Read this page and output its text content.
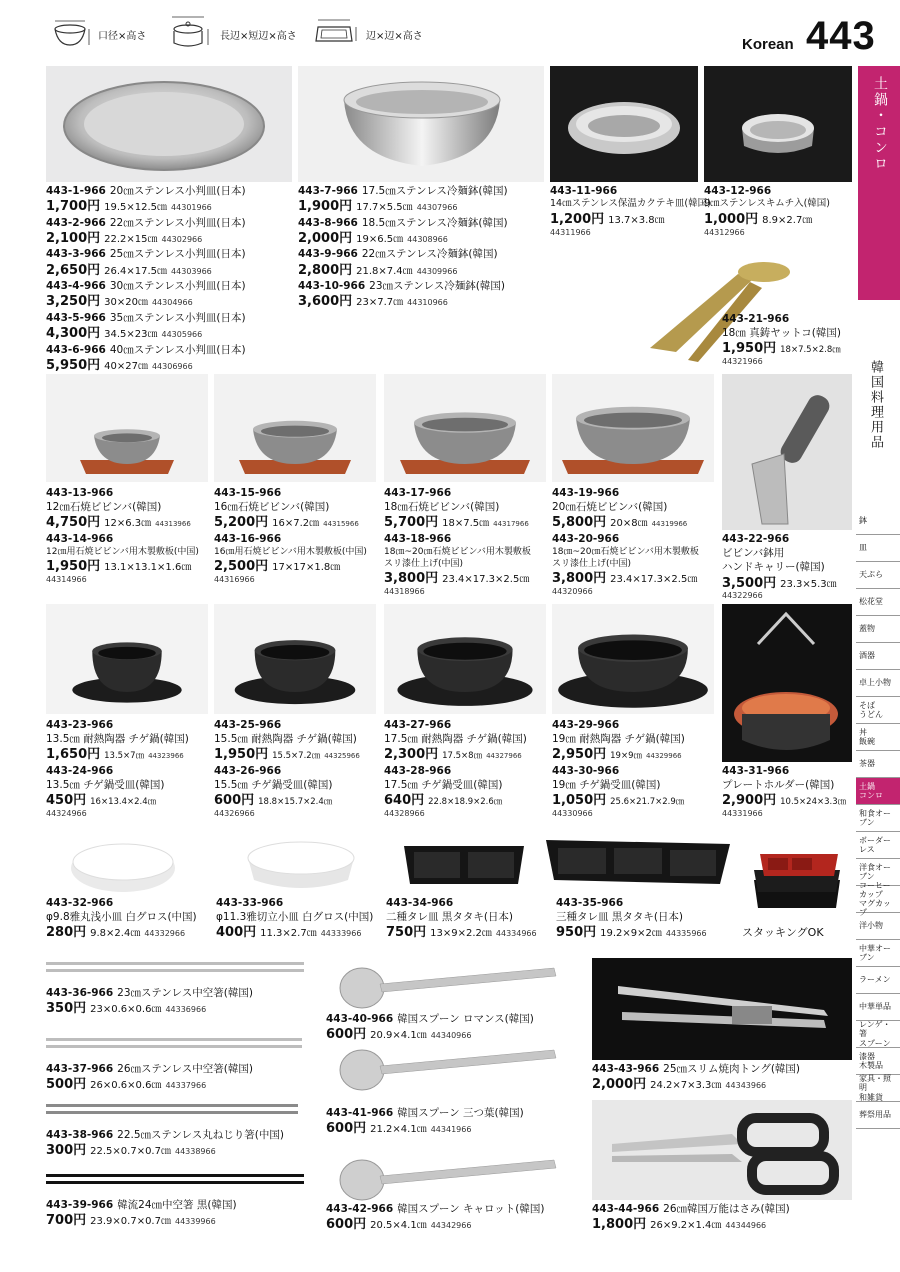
口径×高さ	長辺×短辺×高さ	辺×辺×高さ	Korean 443
土鍋・コンロ
韓国料理用品
鉢
皿
天ぷら
松花堂
蓋物
酒器
卓上小物
そば
うどん
丼
飯碗
茶器
土鍋
コンロ
和食オーブン
ボーダーレス
洋食オーブン
コーヒーカップ
マグカップ
洋小物
中華オーブン
ラーメン
中華単品
レンゲ・箸
スプーン
漆器
木製品
家具・照明
和雑貨
葬祭用品
443-1-966 20㎝ステンレス小判皿(日本)
1,700円 19.5×12.5㎝ 44301966
443-2-966 22㎝ステンレス小判皿(日本)
2,100円 22.2×15㎝ 44302966
443-3-966 25㎝ステンレス小判皿(日本)
2,650円 26.4×17.5㎝ 44303966
443-4-966 30㎝ステンレス小判皿(日本)
3,250円 30×20㎝ 44304966
443-5-966 35㎝ステンレス小判皿(日本)
4,300円 34.5×23㎝ 44305966
443-6-966 40㎝ステンレス小判皿(日本)
5,950円 40×27㎝ 44306966
443-7-966 17.5㎝ステンレス冷麺鉢(韓国)
1,900円 17.7×5.5㎝ 44307966
443-8-966 18.5㎝ステンレス冷麺鉢(韓国)
2,000円 19×6.5㎝ 44308966
443-9-966 22㎝ステンレス冷麺鉢(韓国)
2,800円 21.8×7.4㎝ 44309966
443-10-966 23㎝ステンレス冷麺鉢(韓国)
3,600円 23×7.7㎝ 44310966
443-11-966
14㎝ステンレス保温カクテキ皿(韓国)
1,200円 13.7×3.8㎝
44311966
443-12-966
9㎝ステンレスキムチ入(韓国)
1,000円 8.9×2.7㎝
44312966
443-21-966
18㎝ 真鋳ヤットコ(韓国)
1,950円 18×7.5×2.8㎝
44321966
443-13-966
12㎝石焼ビビンバ(韓国)
4,750円 12×6.3㎝ 44313966
443-14-966
12㎝用石焼ビビンバ用木製敷板(中国)
1,950円 13.1×13.1×1.6㎝
44314966
443-15-966
16㎝石焼ビビンバ(韓国)
5,200円 16×7.2㎝ 44315966
443-16-966
16㎝用石焼ビビンバ用木製敷板(中国)
2,500円 17×17×1.8㎝
44316966
443-17-966
18㎝石焼ビビンバ(韓国)
5,700円 18×7.5㎝ 44317966
443-18-966
18㎝~20㎝石焼ビビンバ用木製敷板
スリ漆仕上げ(中国)
3,800円 23.4×17.3×2.5㎝
44318966
443-19-966
20㎝石焼ビビンバ(韓国)
5,800円 20×8㎝ 44319966
443-20-966
18㎝~20㎝石焼ビビンバ用木製敷板
スリ漆仕上げ(中国)
3,800円 23.4×17.3×2.5㎝
44320966
443-22-966
ビビンバ鉢用
ハンドキャリー(韓国)
3,500円 23.3×5.3㎝
44322966
443-23-966
13.5㎝ 耐熱陶器 チゲ鍋(韓国)
1,650円 13.5×7㎝ 44323966
443-24-966
13.5㎝ チゲ鍋受皿(韓国)
450円 16×13.4×2.4㎝
44324966
443-25-966
15.5㎝ 耐熱陶器 チゲ鍋(韓国)
1,950円 15.5×7.2㎝ 44325966
443-26-966
15.5㎝ チゲ鍋受皿(韓国)
600円 18.8×15.7×2.4㎝
44326966
443-27-966
17.5㎝ 耐熱陶器 チゲ鍋(韓国)
2,300円 17.5×8㎝ 44327966
443-28-966
17.5㎝ チゲ鍋受皿(韓国)
640円 22.8×18.9×2.6㎝
44328966
443-29-966
19㎝ 耐熱陶器 チゲ鍋(韓国)
2,950円 19×9㎝ 44329966
443-30-966
19㎝ チゲ鍋受皿(韓国)
1,050円 25.6×21.7×2.9㎝
44330966
443-31-966
プレートホルダー(韓国)
2,900円 10.5×24×3.3㎝
44331966
スタッキングOK
443-32-966
φ9.8雅丸浅小皿 白グロス(中国)
280円 9.8×2.4㎝ 44332966
443-33-966
φ11.3雅切立小皿 白グロス(中国)
400円 11.3×2.7㎝ 44333966
443-34-966
二種タレ皿 黒タタキ(日本)
750円 13×9×2.2㎝ 44334966
443-35-966
三種タレ皿 黒タタキ(日本)
950円 19.2×9×2㎝ 44335966
443-36-966 23㎝ステンレス中空箸(韓国)
350円 23×0.6×0.6㎝ 44336966
443-37-966 26㎝ステンレス中空箸(韓国)
500円 26×0.6×0.6㎝ 44337966
443-38-966 22.5㎝ステンレス丸ねじり箸(中国)
300円 22.5×0.7×0.7㎝ 44338966
443-39-966 韓流24㎝中空箸 黒(韓国)
700円 23.9×0.7×0.7㎝ 44339966
443-40-966 韓国スプーン ロマンス(韓国)
600円 20.9×4.1㎝ 44340966
443-41-966 韓国スプーン 三つ葉(韓国)
600円 21.2×4.1㎝ 44341966
443-42-966 韓国スプーン キャロット(韓国)
600円 20.5×4.1㎝ 44342966
443-43-966 25㎝スリム焼肉トング(韓国)
2,000円 24.2×7×3.3㎝ 44343966
443-44-966 26㎝韓国万能はさみ(韓国)
1,800円 26×9.2×1.4㎝ 44344966
